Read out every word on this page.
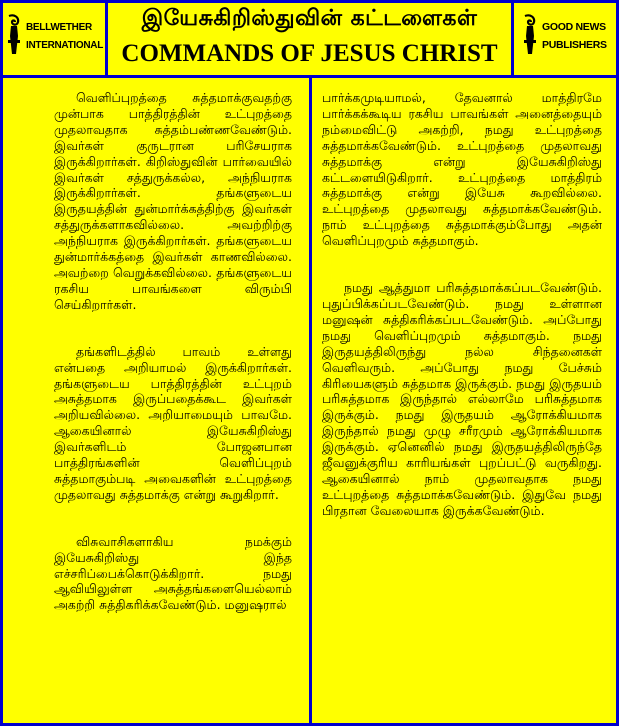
BELLWETHER
INTERNATIONAL
இயேசுகிறிஸ்துவின் கட்டளைகள்
COMMANDS OF JESUS CHRIST
GOOD NEWS
PUBLISHERS

வெளிப்புறத்தை சுத்தமாக்குவதற்கு முன்பாக பாத்திரத்தின் உட்புறத்தை முதலாவதாக சுத்தம்பண்ணவேண்டும். இவர்கள் குருடரான பரிசேயராக இருக்கிறார்கள். கிறிஸ்துவின் பார்வையில் இவர்கள் சத்துருக்கல்ல, அந்நியராக இருக்கிறார்கள். தங்களுடைய இருதயத்தின் துன்மார்க்கத்திற்கு இவர்கள் சத்துருக்களாகவில்லை. அவற்றிற்கு அந்நியராக இருக்கிறார்கள். தங்களுடைய துன்மார்க்கத்தை இவர்கள் காணவில்லை. அவற்றை வெறுக்கவில்லை. தங்களுடைய ரகசிய பாவங்களை விரும்பி செய்கிறார்கள்.

தங்களிடத்தில் பாவம் உள்ளது என்பதை அறியாமல் இருக்கிறார்கள். தங்களுடைய பாத்திரத்தின் உட்புறம் அசுத்தமாக இருப்பதைக்கூட இவர்கள் அறியவில்லை. அறியாமையும் பாவமே. ஆகையினால் இயேசுகிறிஸ்து இவர்களிடம் போஜனபான பாத்திரங்களின் வெளிப்புறம் சுத்தமாகும்படி அவைகளின் உட்புறத்தை முதலாவது சுத்தமாக்கு என்று கூறுகிறார்.

விசுவாசிகளாகிய நமக்கும் இயேசுகிறிஸ்து இந்த எச்சரிப்பைக்கொடுக்கிறார். நமது ஆவியிலுள்ள அசுத்தங்களையெல்லாம் அகற்றி சுத்திகரிக்கவேண்டும். மனுஷரால்

பார்க்கமுடியாமல், தேவனால் மாத்திரமே பார்க்கக்கூடிய ரகசிய பாவங்கள் அனைத்தையும் நம்மைவிட்டு அகற்றி, நமது உட்புறத்தை சுத்தமாக்கவேண்டும். உட்புறத்தை முதலாவது சுத்தமாக்கு என்று இயேசுகிறிஸ்து கட்டளையிடுகிறார். உட்புறத்தை மாத்திரம் சுத்தமாக்கு என்று இயேசு கூறவில்லை. உட்புறத்தை முதலாவது சுத்தமாக்கவேண்டும். நாம் உட்புறத்தை சுத்தமாக்கும்போது அதன் வெளிப்புறமும் சுத்தமாகும்.

நமது ஆத்துமா பரிசுத்தமாக்கப்படவேண்டும். புதுப்பிக்கப்படவேண்டும். நமது உள்ளான மனுஷன் சுத்திகரிக்கப்படவேண்டும். அப்போது நமது வெளிப்புறமும் சுத்தமாகும். நமது இருதயத்திலிருந்து நல்ல சிந்தனைகள் வெளிவரும். அப்போது நமது பேச்சும் கிரியைகளும் சுத்தமாக இருக்கும். நமது இருதயம் பரிசுத்தமாக இருந்தால் எல்லாமே பரிசுத்தமாக இருக்கும். நமது இருதயம் ஆரோக்கியமாக இருந்தால் நமது முழு சரீரமும் ஆரோக்கியமாக இருக்கும். ஏனெனில் நமது இருதயத்திலிருந்தே ஜீவனுக்குரிய காரியங்கள் புறப்பட்டு வருகிறது. ஆகையினால் நாம் முதலாவதாக நமது உட்புறத்தை சுத்தமாக்கவேண்டும். இதுவே நமது பிரதான வேலையாக இருக்கவேண்டும்.
